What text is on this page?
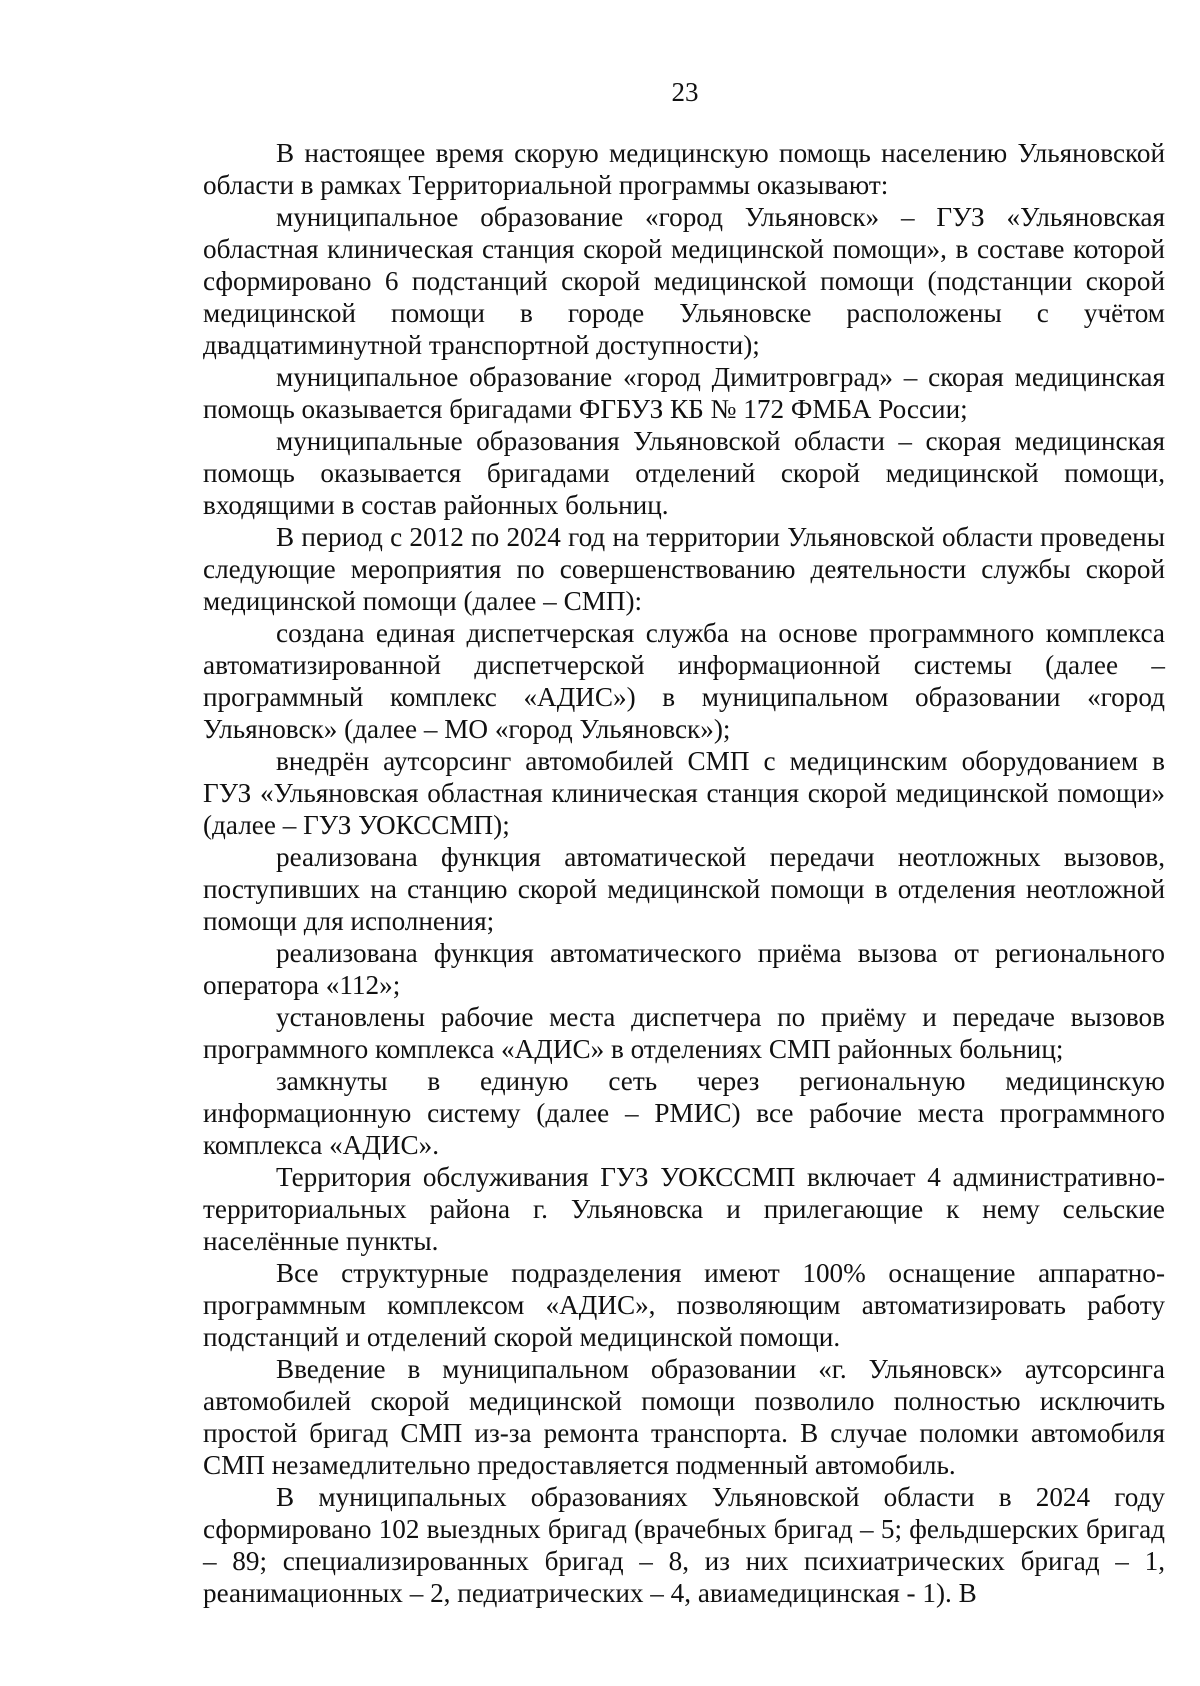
23

В настоящее время скорую медицинскую помощь населению Ульяновской области в рамках Территориальной программы оказывают:

муниципальное образование «город Ульяновск» – ГУЗ «Ульяновская областная клиническая станция скорой медицинской помощи», в составе которой сформировано 6 подстанций скорой медицинской помощи (подстанции скорой медицинской помощи в городе Ульяновске расположены с учётом двадцатиминутной транспортной доступности);

муниципальное образование «город Димитровград» – скорая медицинская помощь оказывается бригадами ФГБУЗ КБ № 172 ФМБА России;

муниципальные образования Ульяновской области – скорая медицинская помощь оказывается бригадами отделений скорой медицинской помощи, входящими в состав районных больниц.

В период с 2012 по 2024 год на территории Ульяновской области проведены следующие мероприятия по совершенствованию деятельности службы скорой медицинской помощи (далее – СМП):

создана единая диспетчерская служба на основе программного комплекса автоматизированной диспетчерской информационной системы (далее – программный комплекс «АДИС») в муниципальном образовании «город Ульяновск» (далее – МО «город Ульяновск»);

внедрён аутсорсинг автомобилей СМП с медицинским оборудованием в ГУЗ «Ульяновская областная клиническая станция скорой медицинской помощи» (далее – ГУЗ УОКССМП);

реализована функция автоматической передачи неотложных вызовов, поступивших на станцию скорой медицинской помощи в отделения неотложной помощи для исполнения;

реализована функция автоматического приёма вызова от регионального оператора «112»;

установлены рабочие места диспетчера по приёму и передаче вызовов программного комплекса «АДИС» в отделениях СМП районных больниц;

замкнуты в единую сеть через региональную медицинскую информационную систему (далее – РМИС) все рабочие места программного комплекса «АДИС».

Территория обслуживания ГУЗ УОКССМП включает 4 административно-территориальных района г. Ульяновска и прилегающие к нему сельские населённые пункты.

Все структурные подразделения имеют 100% оснащение аппаратно-программным комплексом «АДИС», позволяющим автоматизировать работу подстанций и отделений скорой медицинской помощи.

Введение в муниципальном образовании «г. Ульяновск» аутсорсинга автомобилей скорой медицинской помощи позволило полностью исключить простой бригад СМП из-за ремонта транспорта. В случае поломки автомобиля СМП незамедлительно предоставляется подменный автомобиль.

В муниципальных образованиях Ульяновской области в 2024 году сформировано 102 выездных бригад (врачебных бригад – 5; фельдшерских бригад – 89; специализированных бригад – 8, из них психиатрических бригад – 1, реанимационных – 2, педиатрических – 4, авиамедицинская - 1). В
